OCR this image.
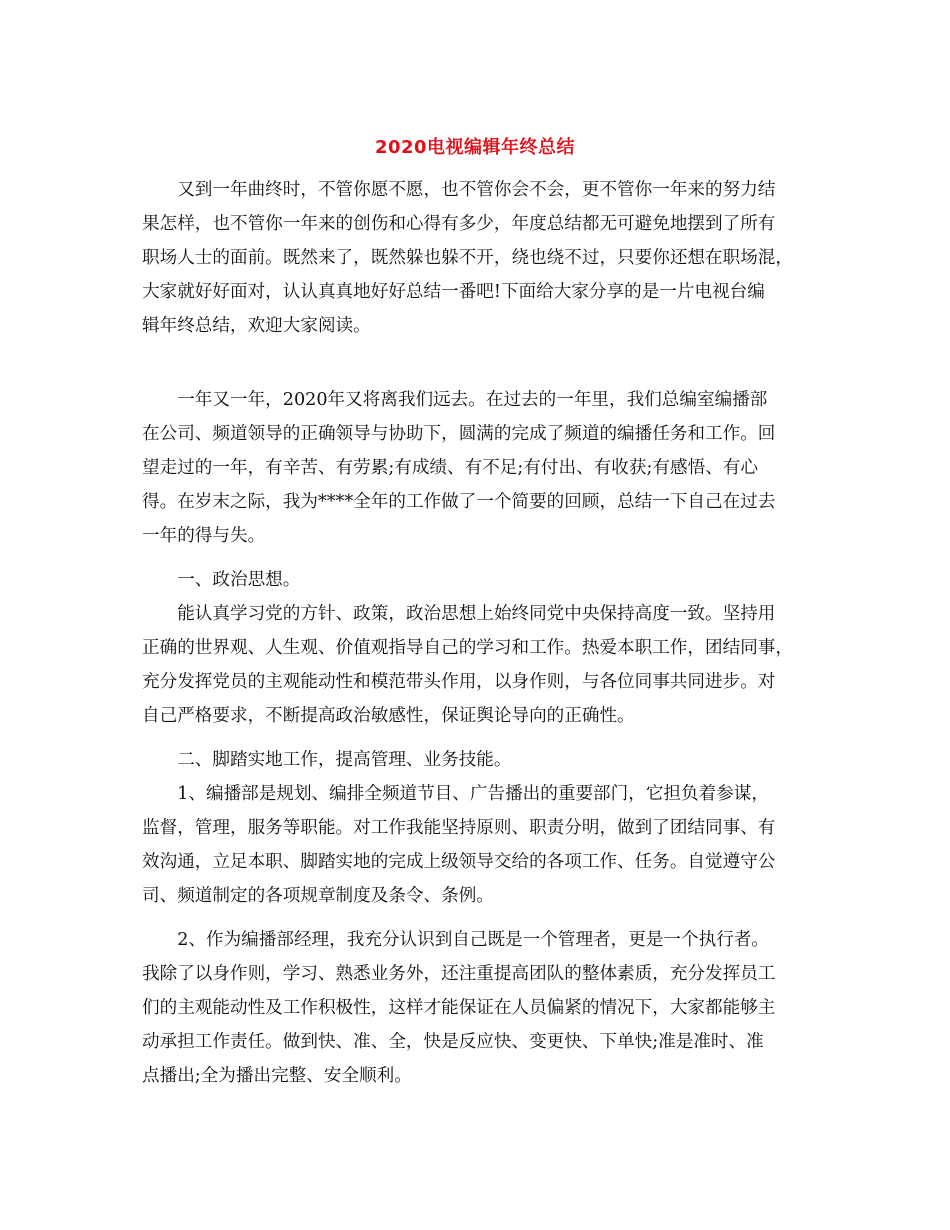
2020电视编辑年终总结
　　又到一年曲终时，不管你愿不愿，也不管你会不会，更不管你一年来的努力结
果怎样，也不管你一年来的创伤和心得有多少，年度总结都无可避免地摆到了所有
职场人士的面前。既然来了，既然躲也躲不开，绕也绕不过，只要你还想在职场混，
大家就好好面对，认认真真地好好总结一番吧!下面给大家分享的是一片电视台编
辑年终总结，欢迎大家阅读。
　　一年又一年，2020年又将离我们远去。在过去的一年里，我们总编室编播部
在公司、频道领导的正确领导与协助下，圆满的完成了频道的编播任务和工作。回
望走过的一年，有辛苦、有劳累;有成绩、有不足;有付出、有收获;有感悟、有心
得。在岁末之际，我为****全年的工作做了一个简要的回顾，总结一下自己在过去
一年的得与失。
　　一、政治思想。
　　能认真学习党的方针、政策，政治思想上始终同党中央保持高度一致。坚持用
正确的世界观、人生观、价值观指导自己的学习和工作。热爱本职工作，团结同事，
充分发挥党员的主观能动性和模范带头作用，以身作则，与各位同事共同进步。对
自己严格要求，不断提高政治敏感性，保证舆论导向的正确性。
　　二、脚踏实地工作，提高管理、业务技能。
　　1、编播部是规划、编排全频道节目、广告播出的重要部门，它担负着参谋，
监督，管理，服务等职能。对工作我能坚持原则、职责分明，做到了团结同事、有
效沟通，立足本职、脚踏实地的完成上级领导交给的各项工作、任务。自觉遵守公
司、频道制定的各项规章制度及条令、条例。
　　2、作为编播部经理，我充分认识到自己既是一个管理者，更是一个执行者。
我除了以身作则，学习、熟悉业务外，还注重提高团队的整体素质，充分发挥员工
们的主观能动性及工作积极性，这样才能保证在人员偏紧的情况下，大家都能够主
动承担工作责任。做到快、准、全，快是反应快、变更快、下单快;准是准时、准
点播出;全为播出完整、安全顺利。
